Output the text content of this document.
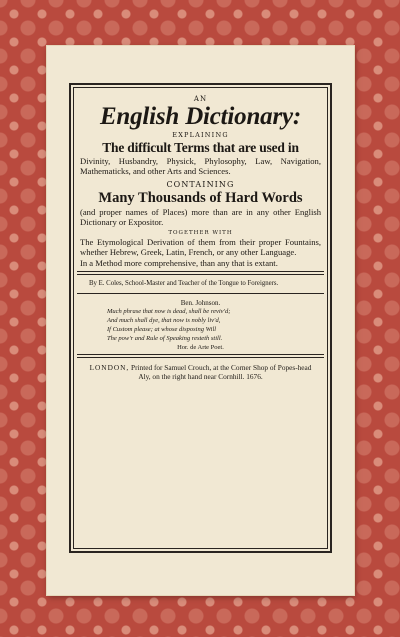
AN
English Dictionary:
EXPLAINING
The difficult Terms that are used in
Divinity, Husbandry, Physick, Phylosophy, Law, Navigation, Mathematicks, and other Arts and Sciences.
CONTAINING
Many Thousands of Hard Words
(and proper names of Places) more than are in any other English Dictionary or Expositor.
TOGETHER WITH
The Etymological Derivation of them from their proper Fountains, whether Hebrew, Greek, Latin, French, or any other Language.
In a Method more comprehensive, than any that is extant.
By E. Coles, School-Master and Teacher of the Tongue to Foreigners.
Ben. Johnson.
Much phrase that now is dead, shall be reviv'd;
And much shall dye, that now is nobly liv'd,
If Custom please; at whose disposing Will
The pow'r and Rule of Speaking resteth still.
Hor. de Arte Poet.
LONDON, Printed for Samuel Crouch, at the Corner Shop of Popes-head Aly, on the right hand near Cornhill. 1676.
